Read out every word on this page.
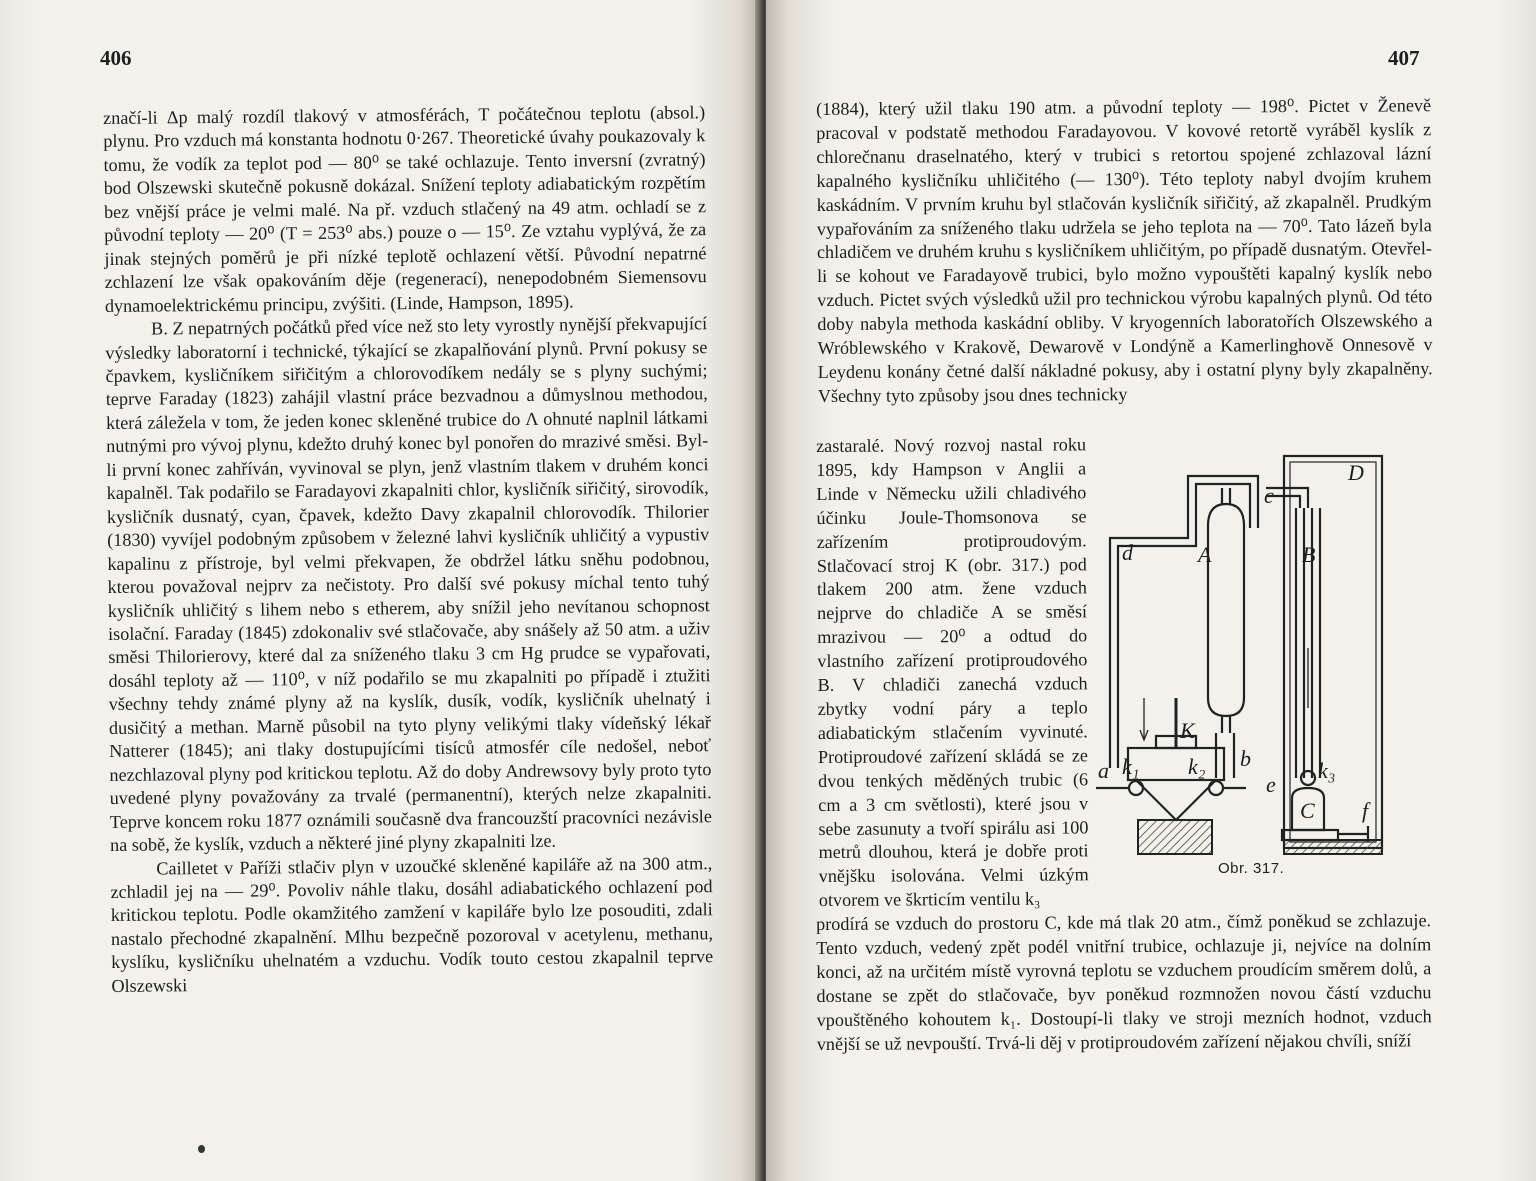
406

značí-li Δp malý rozdíl tlakový v atmosférách, T počátečnou teplotu (absol.) plynu. Pro vzduch má konstanta hodnotu 0·267. Theoretické úvahy poukazovaly k tomu, že vodík za teplot pod — 80⁰ se také ochlazuje. Tento inversní (zvratný) bod Olszewski skutečně pokusně dokázal. Snížení teploty adiabatickým rozpětím bez vnější práce je velmi malé. Na př. vzduch stlačený na 49 atm. ochladí se z původní teploty — 20⁰ (T = 253⁰ abs.) pouze o — 15⁰. Ze vztahu vyplývá, že za jinak stejných poměrů je při nízké teplotě ochlazení větší. Původní nepatrné zchlazení lze však opakováním děje (regenerací), nenepodobném Siemensovu dynamoelektrickému principu, zvýšiti. (Linde, Hampson, 1895).

B. Z nepatrných počátků před více než sto lety vyrostly nynější překvapující výsledky laboratorní i technické, týkající se zkapalňování plynů. První pokusy se čpavkem, kysličníkem siřičitým a chlorovodíkem nedály se s plyny suchými; teprve Faraday (1823) zahájil vlastní práce bezvadnou a důmyslnou methodou, která záležela v tom, že jeden konec skleněné trubice do Λ ohnuté naplnil látkami nutnými pro vývoj plynu, kdežto druhý konec byl ponořen do mrazivé směsi. Byl-li první konec zahříván, vyvinoval se plyn, jenž vlastním tlakem v druhém konci kapalněl. Tak podařilo se Faradayovi zkapalniti chlor, kysličník siřičitý, sirovodík, kysličník dusnatý, cyan, čpavek, kdežto Davy zkapalnil chlorovodík. Thilorier (1830) vyvíjel podobným způsobem v železné lahvi kysličník uhličitý a vypustiv kapalinu z přístroje, byl velmi překvapen, že obdržel látku sněhu podobnou, kterou považoval nejprv za nečistoty. Pro další své pokusy míchal tento tuhý kysličník uhličitý s lihem nebo s etherem, aby snížil jeho nevítanou schopnost isolační. Faraday (1845) zdokonaliv své stlačovače, aby snášely až 50 atm. a uživ směsi Thilorierovy, které dal za sníženého tlaku 3 cm Hg prudce se vypařovati, dosáhl teploty až — 110⁰, v níž podařilo se mu zkapalniti po případě i ztužiti všechny tehdy známé plyny až na kyslík, dusík, vodík, kysličník uhelnatý i dusičitý a methan. Marně působil na tyto plyny velikými tlaky vídeňský lékař Natterer (1845); ani tlaky dostupujícími tisíců atmosfér cíle nedošel, neboť nezchlazoval plyny pod kritickou teplotu. Až do doby Andrewsovy byly proto tyto uvedené plyny považovány za trvalé (permanentní), kterých nelze zkapalniti. Teprve koncem roku 1877 oznámili současně dva francouzští pracovníci nezávisle na sobě, že kyslík, vzduch a některé jiné plyny zkapalniti lze.

Cailletet v Paříži stlačiv plyn v uzoučké skleněné kapiláře až na 300 atm., zchladil jej na — 29⁰. Povoliv náhle tlaku, dosáhl adiabatického ochlazení pod kritickou teplotu. Podle okamžitého zamžení v kapiláře bylo lze posouditi, zdali nastalo přechodné zkapalnění. Mlhu bezpečně pozoroval v acetylenu, methanu, kyslíku, kysličníku uhelnatém a vzduchu. Vodík touto cestou zkapalnil teprve Olszewski

407

(1884), který užil tlaku 190 atm. a původní teploty — 198⁰. Pictet v Ženevě pracoval v podstatě methodou Faradayovou. V kovové retortě vyráběl kyslík z chlorečnanu draselnatého, který v trubici s retortou spojené zchlazoval lázní kapalného kysličníku uhličitého (— 130⁰). Této teploty nabyl dvojím kruhem kaskádním. V prvním kruhu byl stlačován kysličník siřičitý, až zkapalněl. Prudkým vypařováním za sníženého tlaku udržela se jeho teplota na — 70⁰. Tato lázeň byla chladičem ve druhém kruhu s kysličníkem uhličitým, po případě dusnatým. Otevřel-li se kohout ve Faradayově trubici, bylo možno vypouštěti kapalný kyslík nebo vzduch. Pictet svých výsledků užil pro technickou výrobu kapalných plynů. Od této doby nabyla methoda kaskádní obliby. V kryogenních laboratořích Olszewského a Wróblewského v Krakově, Dewarově v Londýně a Kamerlinghově Onnesově v Leydenu konány četné další nákladné pokusy, aby i ostatní plyny byly zkapalněny. Všechny tyto způsoby jsou dnes technicky

zastaralé. Nový rozvoj nastal roku 1895, kdy Hampson v Anglii a Linde v Německu užili chladivého účinku Joule-Thomsonova se zařízením protiproudovým. Stlačovací stroj K (obr. 317.) pod tlakem 200 atm. žene vzduch nejprve do chladiče A se směsí mrazivou — 20⁰ a odtud do vlastního zařízení protiproudového B. V chladiči zanechá vzduch zbytky vodní páry a teplo adiabatickým stlačením vyvinuté. Protiproudové zařízení skládá se ze dvou tenkých měděných trubic (6 cm a 3 cm světlosti), které jsou v sebe zasunuty a tvoří spirálu asi 100 metrů dlouhou, která je dobře proti vnějšku isolována. Velmi úzkým otvorem ve škrticím ventilu k₃

D
c
d	A	B
K
a k₁ k₂ b
e
k₃
C f
Obr. 317.

prodírá se vzduch do prostoru C, kde má tlak 20 atm., čímž poněkud se zchlazuje. Tento vzduch, vedený zpět podél vnitřní trubice, ochlazuje ji, nejvíce na dolním konci, až na určitém místě vyrovná teplotu se vzduchem proudícím směrem dolů, a dostane se zpět do stlačovače, byv poněkud rozmnožen novou částí vzduchu vpouštěného kohoutem k₁. Dostoupí-li tlaky ve stroji mezních hodnot, vzduch vnější se už nevpouští. Trvá-li děj v protiproudovém zařízení nějakou chvíli, sníží
